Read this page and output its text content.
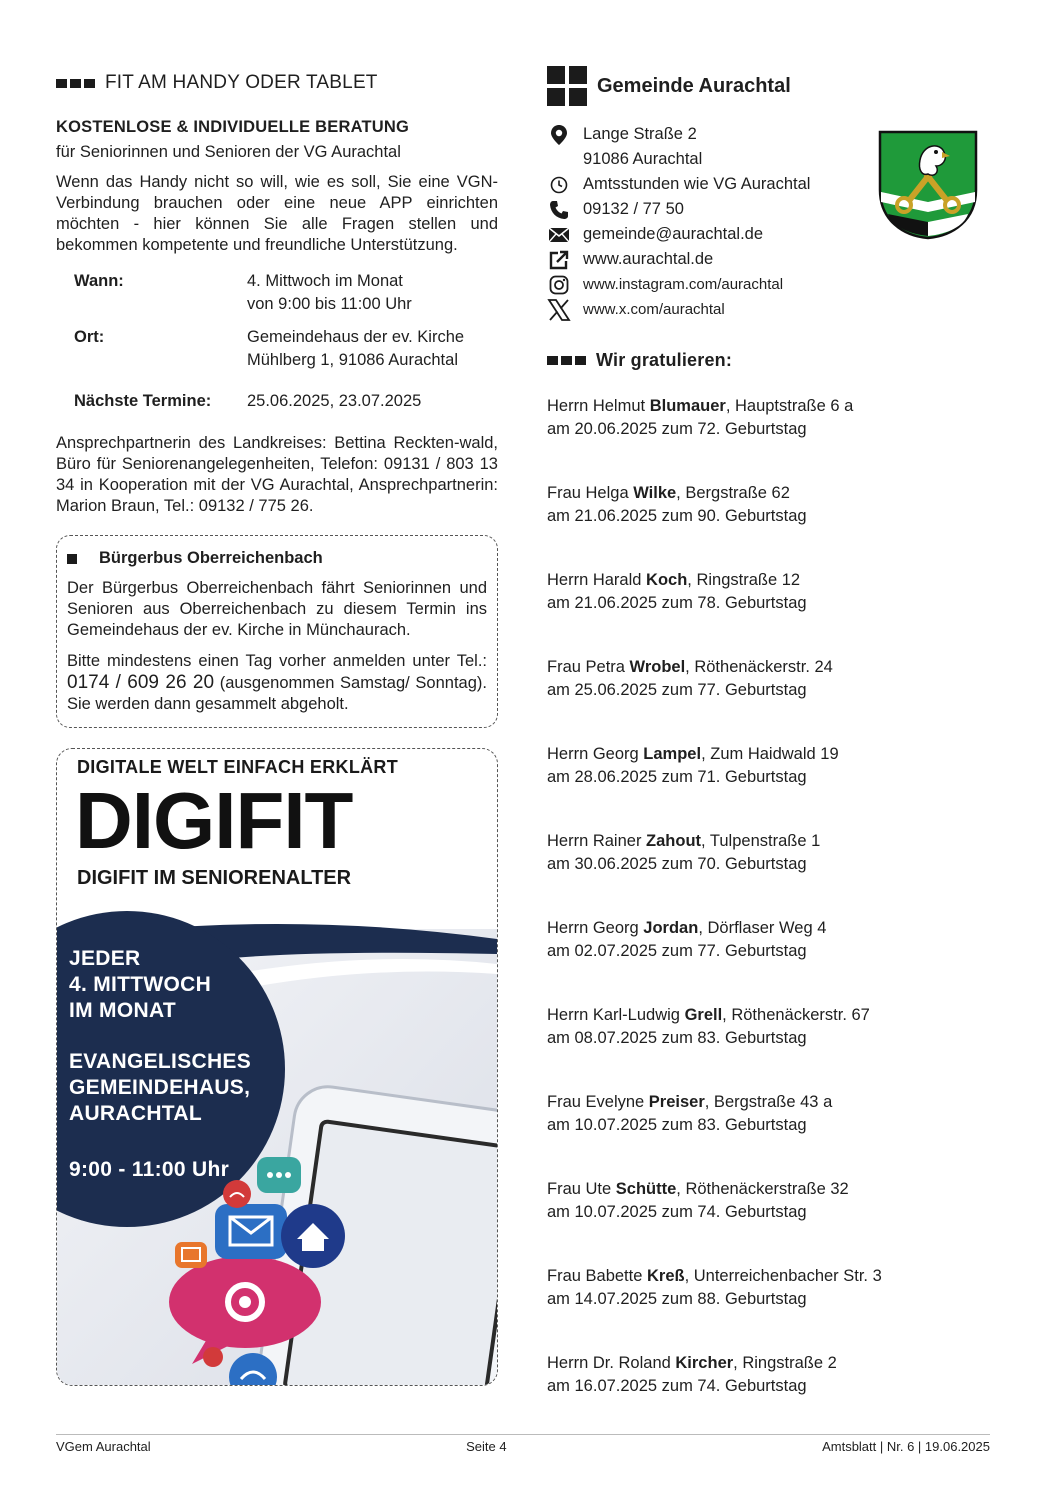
FIT AM HANDY ODER TABLET
KOSTENLOSE & INDIVIDUELLE BERATUNG
für Seniorinnen und Senioren der VG Aurachtal
Wenn das Handy nicht so will, wie es soll, Sie eine VGN-Verbindung brauchen oder eine neue APP einrichten möchten - hier können Sie alle Fragen stellen und bekommen kompetente und freundliche Unterstützung.
Wann:	4. Mittwoch im Monat
von 9:00 bis 11:00 Uhr
Ort:	Gemeindehaus der ev. Kirche
Mühlberg 1, 91086 Aurachtal
Nächste Termine:	25.06.2025, 23.07.2025
Ansprechpartnerin des Landkreises: Bettina Reckten-wald, Büro für Seniorenangelegenheiten, Telefon: 09131 / 803 13 34 in Kooperation mit der VG Aurachtal, Ansprechpartnerin: Marion Braun, Tel.: 09132 / 775 26.
Bürgerbus Oberreichenbach
Der Bürgerbus Oberreichenbach fährt Seniorinnen und Senioren aus Oberreichenbach zu diesem Termin ins Gemeindehaus der ev. Kirche in Münchaurach.
Bitte mindestens einen Tag vorher anmelden unter Tel.: 0174 / 609 26 20 (ausgenommen Samstag/ Sonntag). Sie werden dann gesammelt abgeholt.
DIGITALE WELT EINFACH ERKLÄRT
DIGIFIT
DIGIFIT IM SENIORENALTER
JEDER
4. MITTWOCH
IM MONAT
EVANGELISCHES
GEMEINDEHAUS,
AURACHTAL
9:00 - 11:00 Uhr
Gemeinde Aurachtal
Lange Straße 2
91086 Aurachtal
Amtsstunden wie VG Aurachtal
09132 / 77 50
gemeinde@aurachtal.de
www.aurachtal.de
www.instagram.com/aurachtal
www.x.com/aurachtal
Wir gratulieren:
Herrn Helmut Blumauer, Hauptstraße 6 a
am 20.06.2025 zum 72. Geburtstag
Frau Helga Wilke, Bergstraße 62
am 21.06.2025 zum 90. Geburtstag
Herrn Harald Koch, Ringstraße 12
am 21.06.2025 zum 78. Geburtstag
Frau Petra Wrobel, Röthenäckerstr. 24
am 25.06.2025 zum 77. Geburtstag
Herrn Georg Lampel, Zum Haidwald 19
am 28.06.2025 zum 71. Geburtstag
Herrn Rainer Zahout, Tulpenstraße 1
am 30.06.2025 zum 70. Geburtstag
Herrn Georg Jordan, Dörflaser Weg 4
am 02.07.2025 zum 77. Geburtstag
Herrn Karl-Ludwig Grell, Röthenäckerstr. 67
am 08.07.2025 zum 83. Geburtstag
Frau Evelyne Preiser, Bergstraße 43 a
am 10.07.2025 zum 83. Geburtstag
Frau Ute Schütte, Röthenäckerstraße 32
am 10.07.2025 zum 74. Geburtstag
Frau Babette Kreß, Unterreichenbacher Str. 3
am 14.07.2025 zum 88. Geburtstag
Herrn Dr. Roland Kircher, Ringstraße 2
am 16.07.2025 zum 74. Geburtstag
VGem Aurachtal	Seite 4	Amtsblatt | Nr. 6 | 19.06.2025
